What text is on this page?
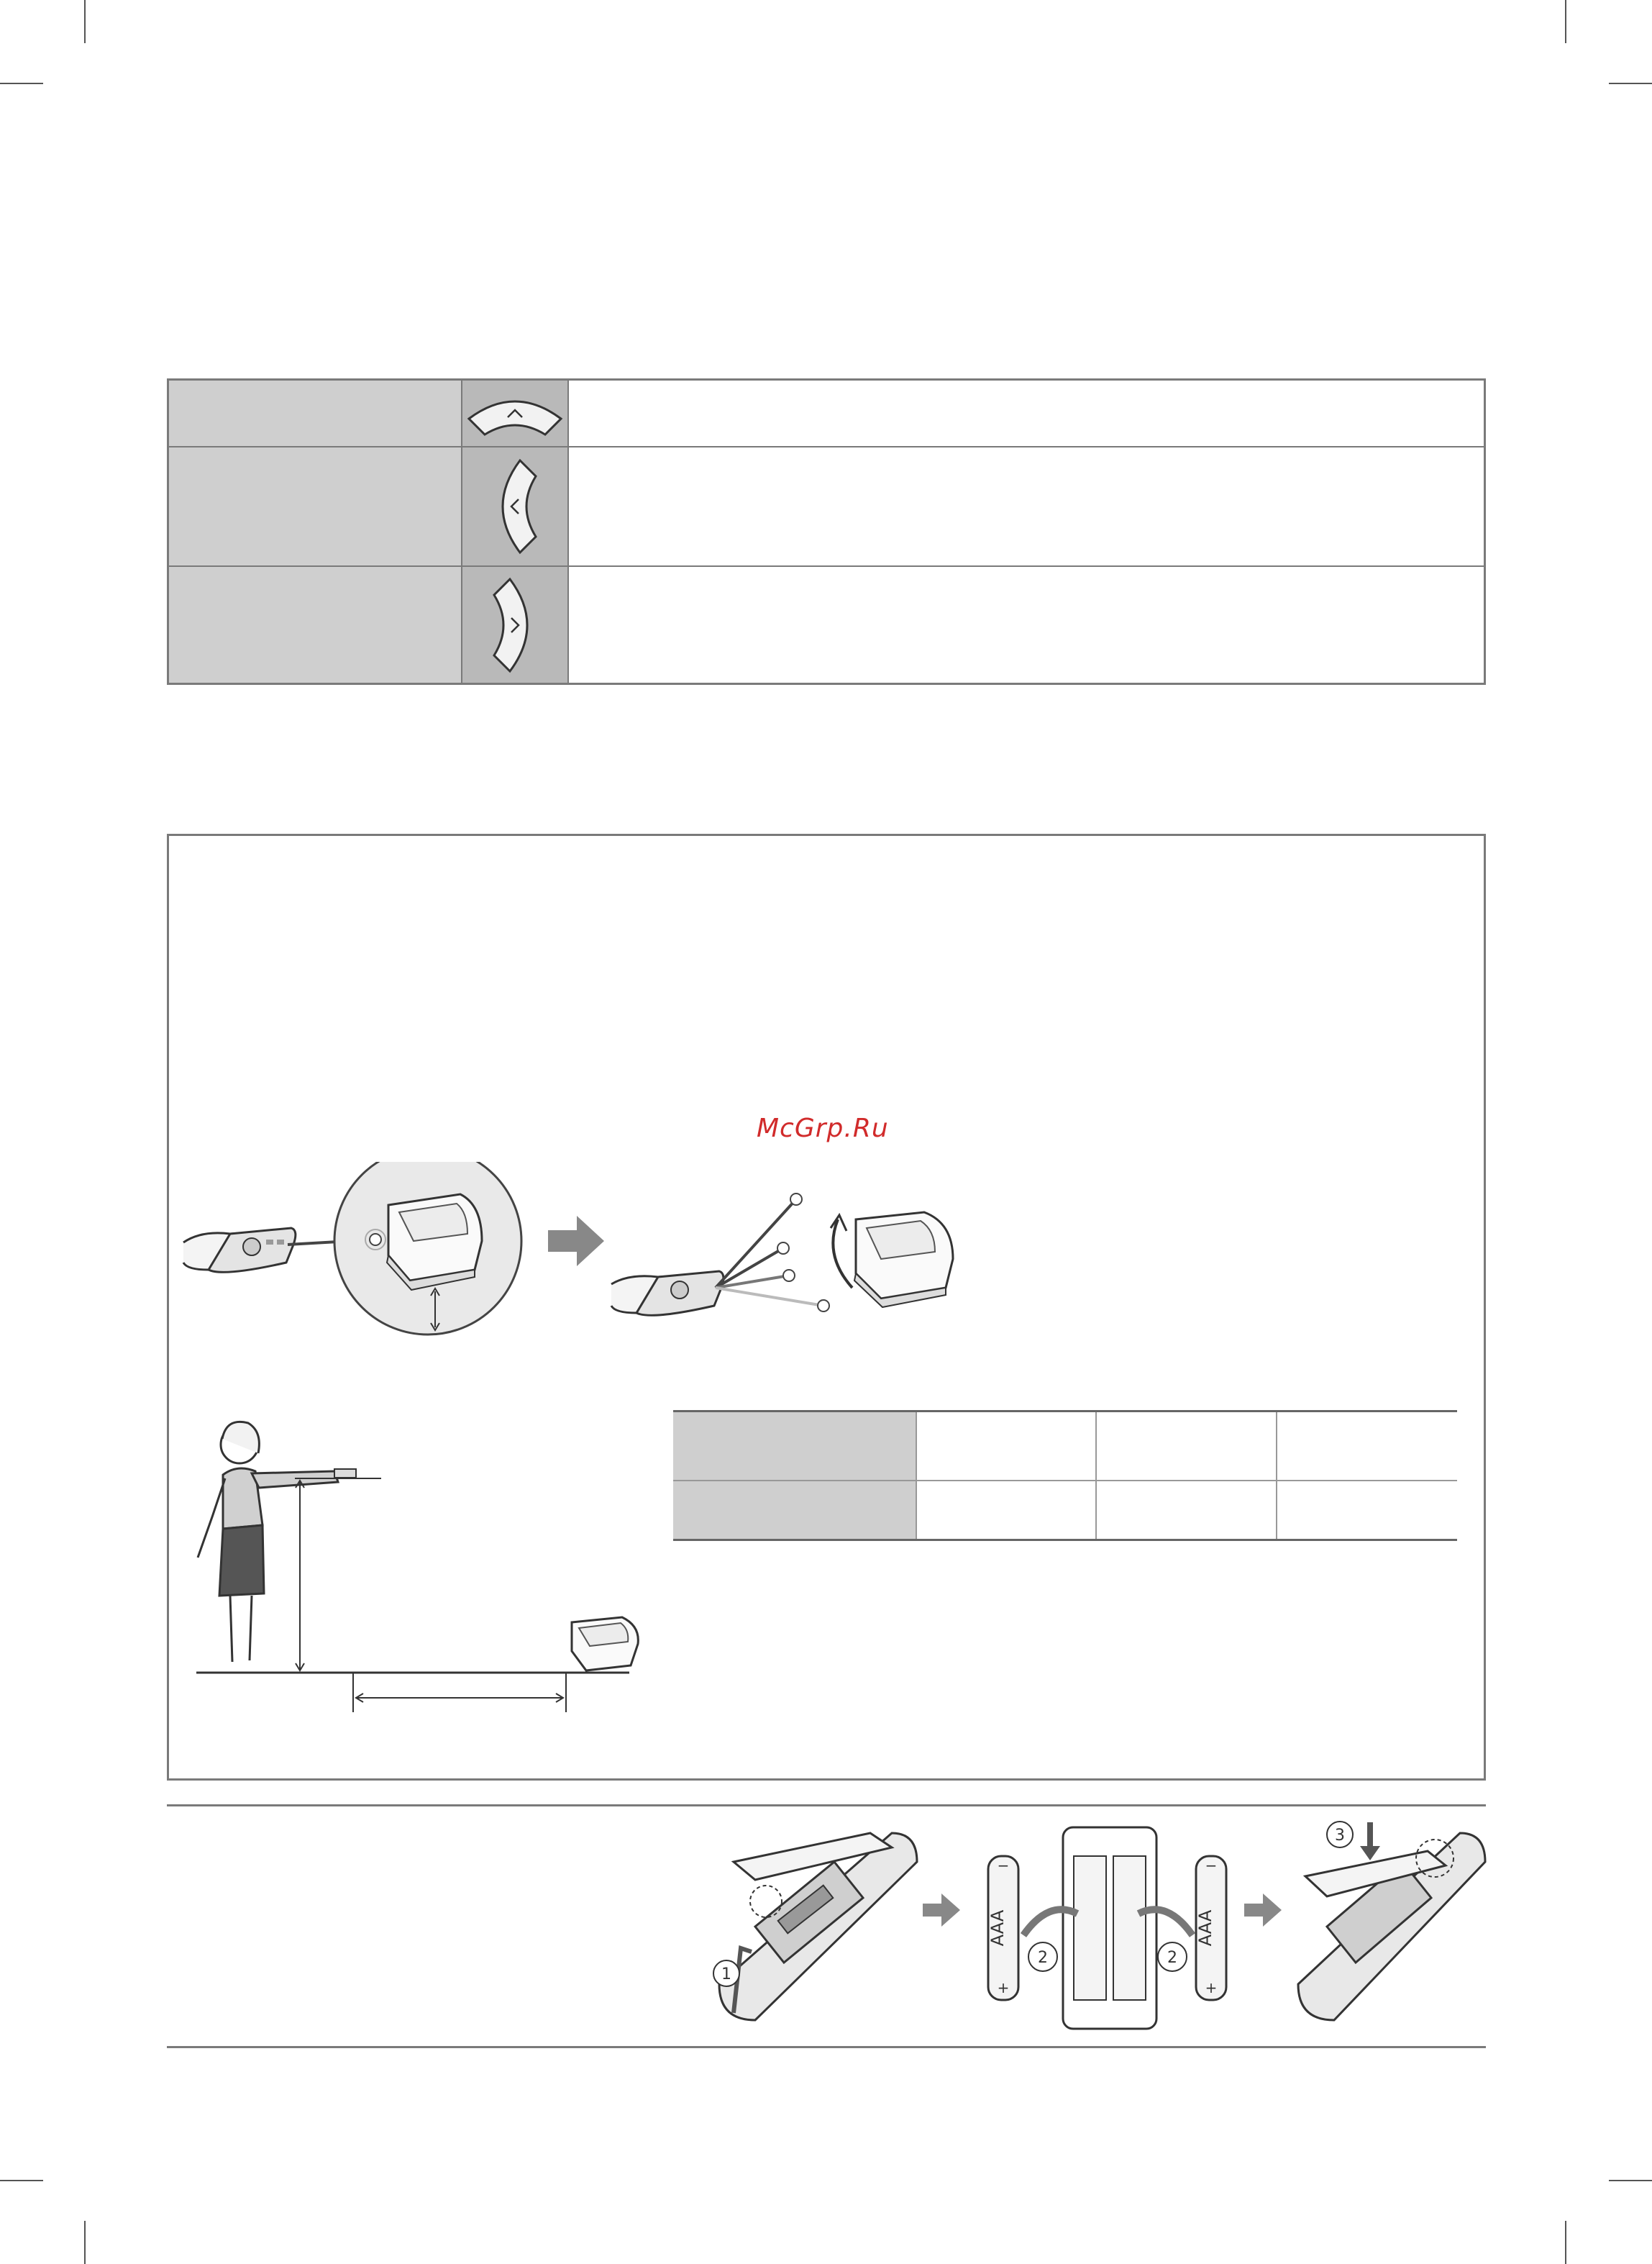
McGrp.Ru
1
−
+
AAA
−
+
AAA
2	2
3
